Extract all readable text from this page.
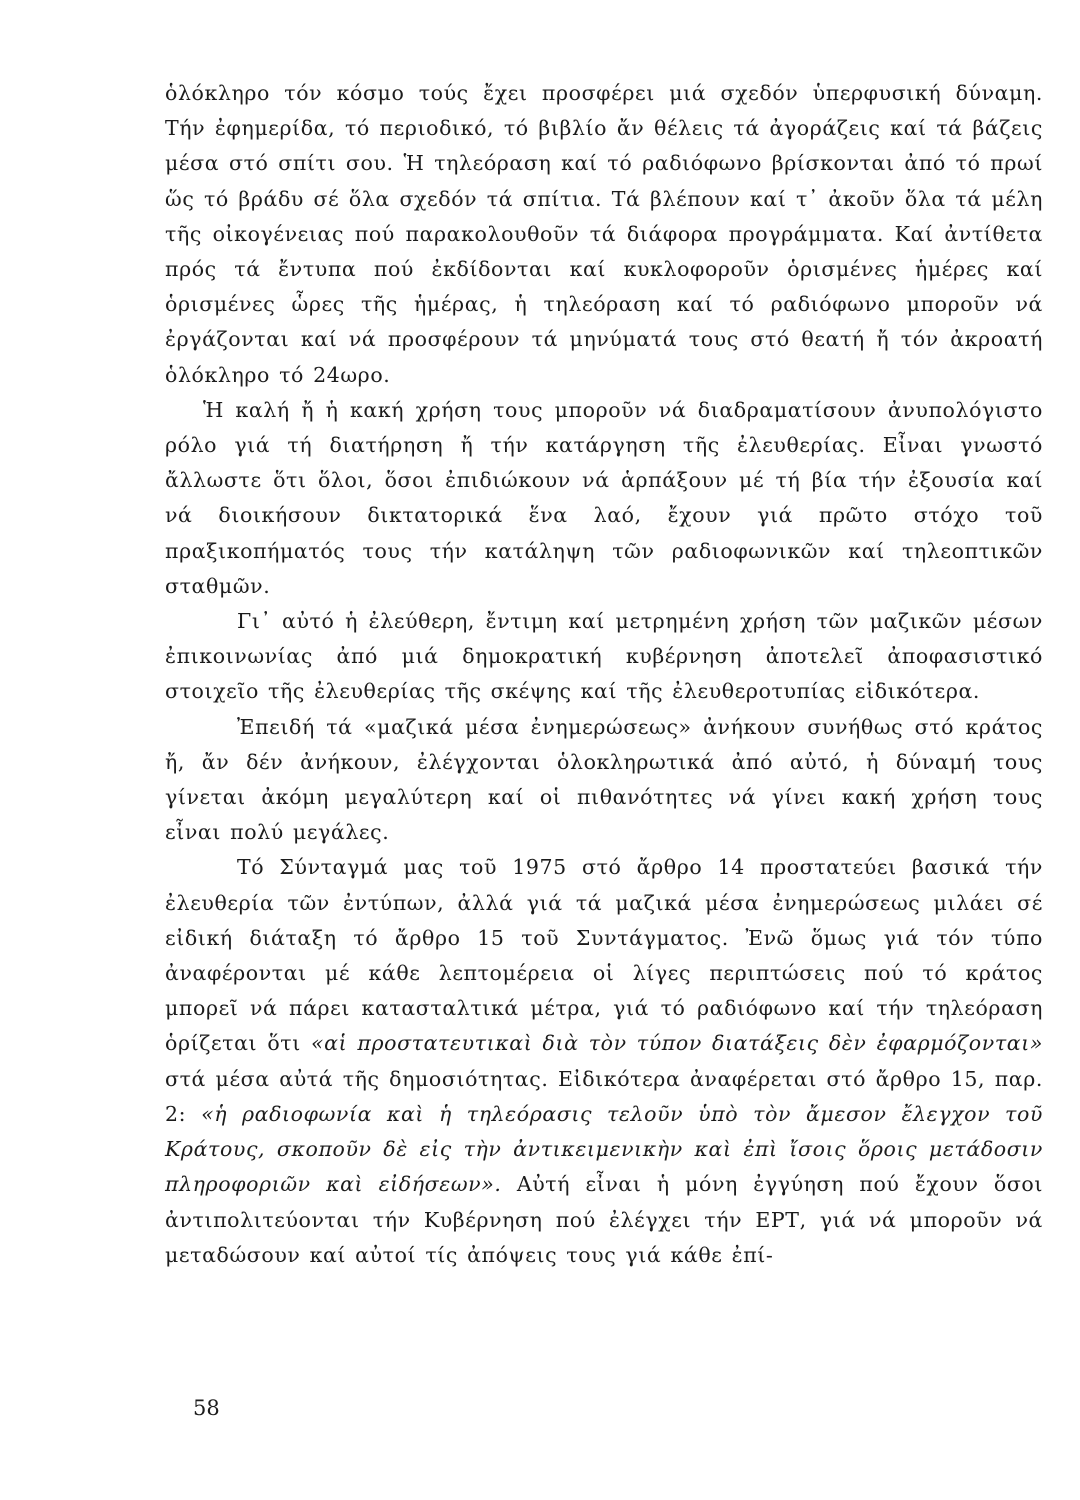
ὁλόκληρο τόν κόσμο τούς ἔχει προσφέρει μιά σχεδόν ὑπερφυσική δύναμη. Τήν ἐφημερίδα, τό περιοδικό, τό βιβλίο ἄν θέλεις τά ἀγοράζεις καί τά βάζεις μέσα στό σπίτι σου. Ἡ τηλεόραση καί τό ραδιόφωνο βρίσκονται ἀπό τό πρωί ὥς τό βράδυ σέ ὅλα σχεδόν τά σπίτια. Τά βλέπουν καί τ᾿ ἀκοῦν ὅλα τά μέλη τῆς οἰκογένειας πού παρακολουθοῦν τά διάφορα προγράμματα. Καί ἀντίθετα πρός τά ἔντυπα πού ἐκδίδονται καί κυκλοφοροῦν ὁρισμένες ἡμέρες καί ὁρισμένες ὧρες τῆς ἡμέρας, ἡ τηλεόραση καί τό ραδιόφωνο μποροῦν νά ἐργάζονται καί νά προσφέρουν τά μηνύματά τους στό θεατή ἤ τόν ἀκροατή ὁλόκληρο τό 24ωρο.

Ἡ καλή ἤ ἡ κακή χρήση τους μποροῦν νά διαδραματίσουν ἀνυπολόγιστο ρόλο γιά τή διατήρηση ἤ τήν κατάργηση τῆς ἐλευθερίας. Εἶναι γνωστό ἄλλωστε ὅτι ὅλοι, ὅσοι ἐπιδιώκουν νά ἁρπάξουν μέ τή βία τήν ἐξουσία καί νά διοικήσουν δικτατορικά ἕνα λαό, ἔχουν γιά πρῶτο στόχο τοῦ πραξικοπήματός τους τήν κατάληψη τῶν ραδιοφωνικῶν καί τηλεοπτικῶν σταθμῶν.

Γι᾿ αὐτό ἡ ἐλεύθερη, ἔντιμη καί μετρημένη χρήση τῶν μαζικῶν μέσων ἐπικοινωνίας ἀπό μιά δημοκρατική κυβέρνηση ἀποτελεῖ ἀποφασιστικό στοιχεῖο τῆς ἐλευθερίας τῆς σκέψης καί τῆς ἐλευθεροτυπίας εἰδικότερα.

Ἐπειδή τά «μαζικά μέσα ἐνημερώσεως» ἀνήκουν συνήθως στό κράτος ἤ, ἄν δέν ἀνήκουν, ἐλέγχονται ὁλοκληρωτικά ἀπό αὐτό, ἡ δύναμή τους γίνεται ἀκόμη μεγαλύτερη καί οἱ πιθανότητες νά γίνει κακή χρήση τους εἶναι πολύ μεγάλες.

Τό Σύνταγμά μας τοῦ 1975 στό ἄρθρο 14 προστατεύει βασικά τήν ἐλευθερία τῶν ἐντύπων, ἀλλά γιά τά μαζικά μέσα ἐνημερώσεως μιλάει σέ εἰδική διάταξη τό ἄρθρο 15 τοῦ Συντάγματος. Ἐνῶ ὅμως γιά τόν τύπο ἀναφέρονται μέ κάθε λεπτομέρεια οἱ λίγες περιπτώσεις πού τό κράτος μπορεῖ νά πάρει κατασταλτικά μέτρα, γιά τό ραδιόφωνο καί τήν τηλεόραση ὁρίζεται ὅτι «αἱ προστατευτικαὶ διὰ τὸν τύπον διατάξεις δὲν ἐφαρμόζονται» στά μέσα αὐτά τῆς δημοσιότητας. Εἰδικότερα ἀναφέρεται στό ἄρθρο 15, παρ. 2: «ἡ ραδιοφωνία καὶ ἡ τηλεόρασις τελοῦν ὑπὸ τὸν ἄμεσον ἔλεγχον τοῦ Κράτους, σκοποῦν δὲ εἰς τὴν ἀντικειμενικὴν καὶ ἐπὶ ἴσοις ὅροις μετάδοσιν πληροφοριῶν καὶ εἰδήσεων». Αὐτή εἶναι ἡ μόνη ἐγγύηση πού ἔχουν ὅσοι ἀντιπολιτεύονται τήν Κυβέρνηση πού ἐλέγχει τήν ΕΡΤ, γιά νά μποροῦν νά μεταδώσουν καί αὐτοί τίς ἀπόψεις τους γιά κάθε ἐπί-

58
